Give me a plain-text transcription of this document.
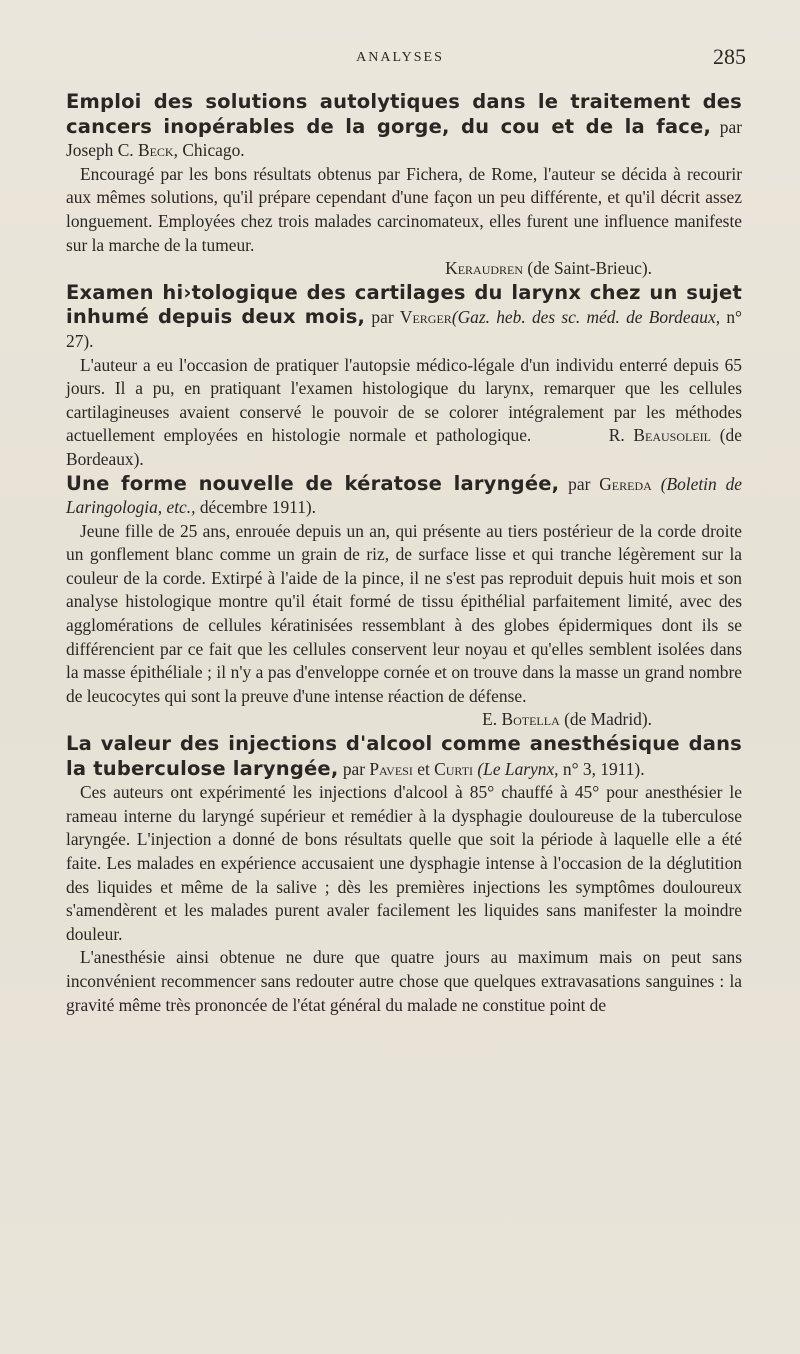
ANALYSES	285

Emploi des solutions autolytiques dans le traitement des cancers inopérables de la gorge, du cou et de la face, par Joseph C. Beck, Chicago.

Encouragé par les bons résultats obtenus par Fichera, de Rome, l'auteur se décida à recourir aux mêmes solutions, qu'il prépare cependant d'une façon un peu différente, et qu'il décrit assez longuement. Employées chez trois malades carcinomateux, elles furent une influence manifeste sur la marche de la tumeur.

Keraudren (de Saint-Brieuc).

Examen hi›tologique des cartilages du larynx chez un sujet inhumé depuis deux mois, par Verger(Gaz. heb. des sc. méd. de Bordeaux, n° 27).

L'auteur a eu l'occasion de pratiquer l'autopsie médico-légale d'un individu enterré depuis 65 jours. Il a pu, en pratiquant l'examen histologique du larynx, remarquer que les cellules cartilagineuses avaient conservé le pouvoir de se colorer intégralement par les méthodes actuellement employées en histologie normale et pathologique.	R. Beausoleil (de Bordeaux).

Une forme nouvelle de kératose laryngée, par Gereda (Boletin de Laringologia, etc., décembre 1911).

Jeune fille de 25 ans, enrouée depuis un an, qui présente au tiers postérieur de la corde droite un gonflement blanc comme un grain de riz, de surface lisse et qui tranche légèrement sur la couleur de la corde. Extirpé à l'aide de la pince, il ne s'est pas reproduit depuis huit mois et son analyse histologique montre qu'il était formé de tissu épithélial parfaitement limité, avec des agglomérations de cellules kératinisées ressemblant à des globes épidermiques dont ils se différencient par ce fait que les cellules conservent leur noyau et qu'elles semblent isolées dans la masse épithéliale ; il n'y a pas d'enveloppe cornée et on trouve dans la masse un grand nombre de leucocytes qui sont la preuve d'une intense réaction de défense.

E. Botella (de Madrid).

La valeur des injections d'alcool comme anesthésique dans la tuberculose laryngée, par Pavesi et Curti (Le Larynx, n° 3, 1911).

Ces auteurs ont expérimenté les injections d'alcool à 85° chauffé à 45° pour anesthésier le rameau interne du laryngé supérieur et remédier à la dysphagie douloureuse de la tuberculose laryngée. L'injection a donné de bons résultats quelle que soit la période à laquelle elle a été faite. Les malades en expérience accusaient une dysphagie intense à l'occasion de la déglutition des liquides et même de la salive ; dès les premières injections les symptômes douloureux s'amendèrent et les malades purent avaler facilement les liquides sans manifester la moindre douleur.

L'anesthésie ainsi obtenue ne dure que quatre jours au maximum mais on peut sans inconvénient recommencer sans redouter autre chose que quelques extravasations sanguines : la gravité même très prononcée de l'état général du malade ne constitue point de
